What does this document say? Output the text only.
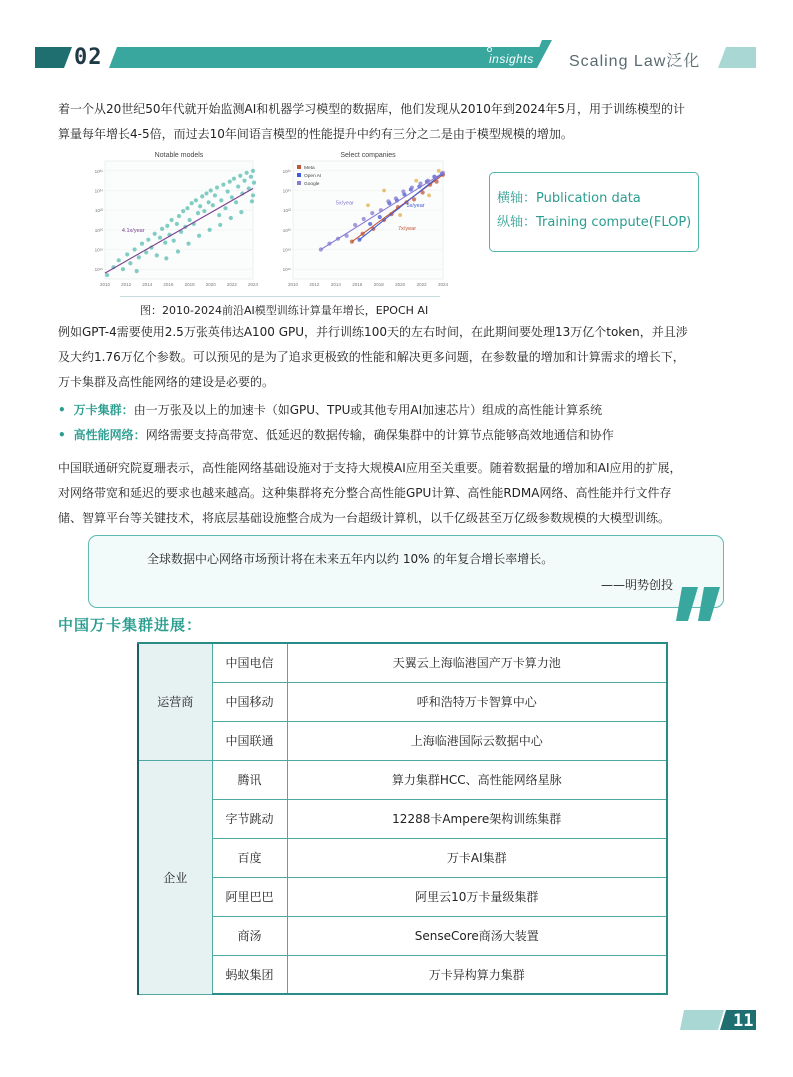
02	insights Scaling Law泛化

着一个从20世纪50年代就开始监测AI和机器学习模型的数据库，他们发现从2010年到2024年5月，用于训练模型的计

算量每年增长4-5倍，而过去10年间语言模型的性能提升中约有三分之二是由于模型规模的增加。

Notable models
10¹⁶
10¹⁸
10²⁰
10²²
10²⁴
10²⁶
2010 2012 2014 2016 2018 2020 2022 2024
4.1x/year
Select companies
10¹⁶
10¹⁸
10²⁰
10²²
10²⁴
10²⁶
2010	2012	2014	2016	2018	2020	2022	2024
Meta
Open AI
Google
5x/year	5x/year
7x/year
图：2010-2024前沿AI模型训练计算量年增长，EPOCH AI
横轴：Publication data
纵轴：Training compute(FLOP)

例如GPT-4需要使用2.5万张英伟达A100 GPU，并行训练100天的左右时间，在此期间要处理13万亿个token，并且涉

及大约1.76万亿个参数。可以预见的是为了追求更极致的性能和解决更多问题，在参数量的增加和计算需求的增长下，

万卡集群及高性能网络的建设是必要的。

• 万卡集群：由一万张及以上的加速卡（如GPU、TPU或其他专用AI加速芯片）组成的高性能计算系统
• 高性能网络：网络需要支持高带宽、低延迟的数据传输，确保集群中的计算节点能够高效地通信和协作

中国联通研究院夏珊表示，高性能网络基础设施对于支持大规模AI应用至关重要。随着数据量的增加和AI应用的扩展，

对网络带宽和延迟的要求也越来越高。这种集群将充分整合高性能GPU计算、高性能RDMA网络、高性能并行文件存

储、智算平台等关键技术，将底层基础设施整合成为一台超级计算机，以千亿级甚至万亿级参数规模的大模型训练。

全球数据中心网络市场预计将在未来五年内以约 10% 的年复合增长率增长。
——明势创投
中国万卡集群进展：
运营商	中国电信	天翼云上海临港国产万卡算力池
	中国移动	呼和浩特万卡智算中心
	中国联通	上海临港国际云数据中心
企业	腾讯	算力集群HCC、高性能网络星脉
	字节跳动	12288卡Ampere架构训练集群
	百度	万卡AI集群
	阿里巴巴	阿里云10万卡量级集群
	商汤	SenseCore商汤大装置
	蚂蚁集团	万卡异构算力集群
11
